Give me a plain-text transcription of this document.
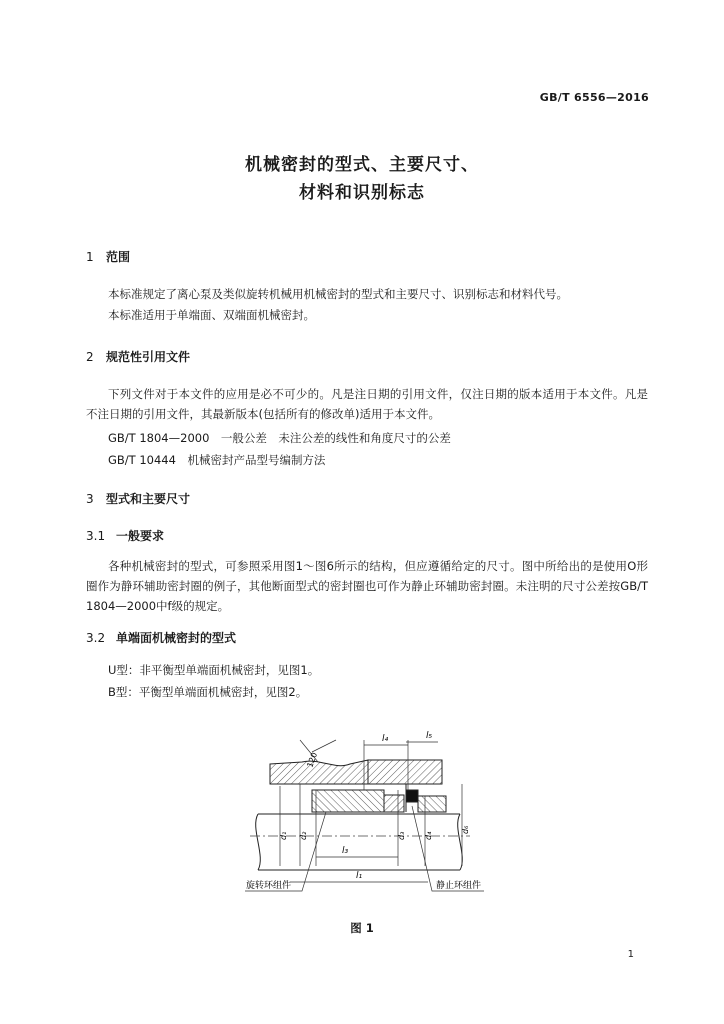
GB/T 6556—2016
机械密封的型式、主要尺寸、
材料和识别标志
1 范围
本标准规定了离心泵及类似旋转机械用机械密封的型式和主要尺寸、识别标志和材料代号。
本标准适用于单端面、双端面机械密封。
2 规范性引用文件
下列文件对于本文件的应用是必不可少的。凡是注日期的引用文件，仅注日期的版本适用于本文件。凡是不注日期的引用文件，其最新版本(包括所有的修改单)适用于本文件。
GB/T 1804—2000　一般公差　未注公差的线性和角度尺寸的公差
GB/T 10444　机械密封产品型号编制方法
3 型式和主要尺寸
3.1 一般要求
各种机械密封的型式，可参照采用图1～图6所示的结构，但应遵循给定的尺寸。图中所给出的是使用O形圈作为静环辅助密封圈的例子，其他断面型式的密封圈也可作为静止环辅助密封圈。未注明的尺寸公差按GB/T 1804—2000中f级的规定。
3.2 单端面机械密封的型式
U型：非平衡型单端面机械密封，见图1。
B型：平衡型单端面机械密封，见图2。
l₄	l₅
l₃
l₁
120
d₁ d₂	d₃ d₄
d₆
旋转环组件	静止环组件
图 1
1
